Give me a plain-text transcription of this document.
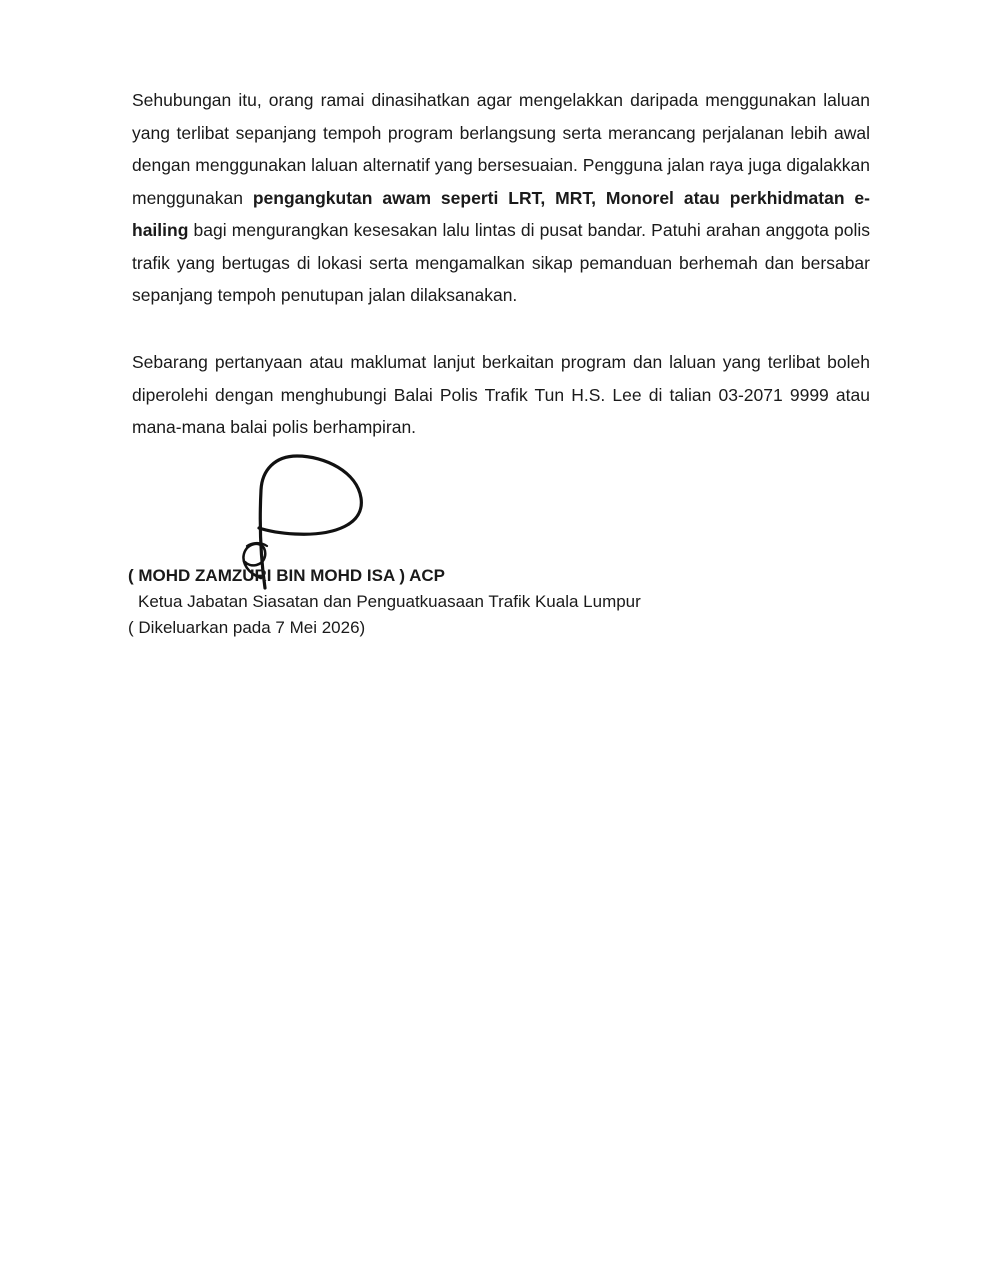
Sehubungan itu, orang ramai dinasihatkan agar mengelakkan daripada menggunakan laluan yang terlibat sepanjang tempoh program berlangsung serta merancang perjalanan lebih awal dengan menggunakan laluan alternatif yang bersesuaian. Pengguna jalan raya juga digalakkan menggunakan pengangkutan awam seperti LRT, MRT, Monorel atau perkhidmatan e-hailing bagi mengurangkan kesesakan lalu lintas di pusat bandar. Patuhi arahan anggota polis trafik yang bertugas di lokasi serta mengamalkan sikap pemanduan berhemah dan bersabar sepanjang tempoh penutupan jalan dilaksanakan.

Sebarang pertanyaan atau maklumat lanjut berkaitan program dan laluan yang terlibat boleh diperolehi dengan menghubungi Balai Polis Trafik Tun H.S. Lee di talian 03-2071 9999 atau mana-mana balai polis berhampiran.

( MOHD ZAMZURI BIN MOHD ISA ) ACP

Ketua Jabatan Siasatan dan Penguatkuasaan Trafik Kuala Lumpur

( Dikeluarkan pada 7 Mei 2026)
